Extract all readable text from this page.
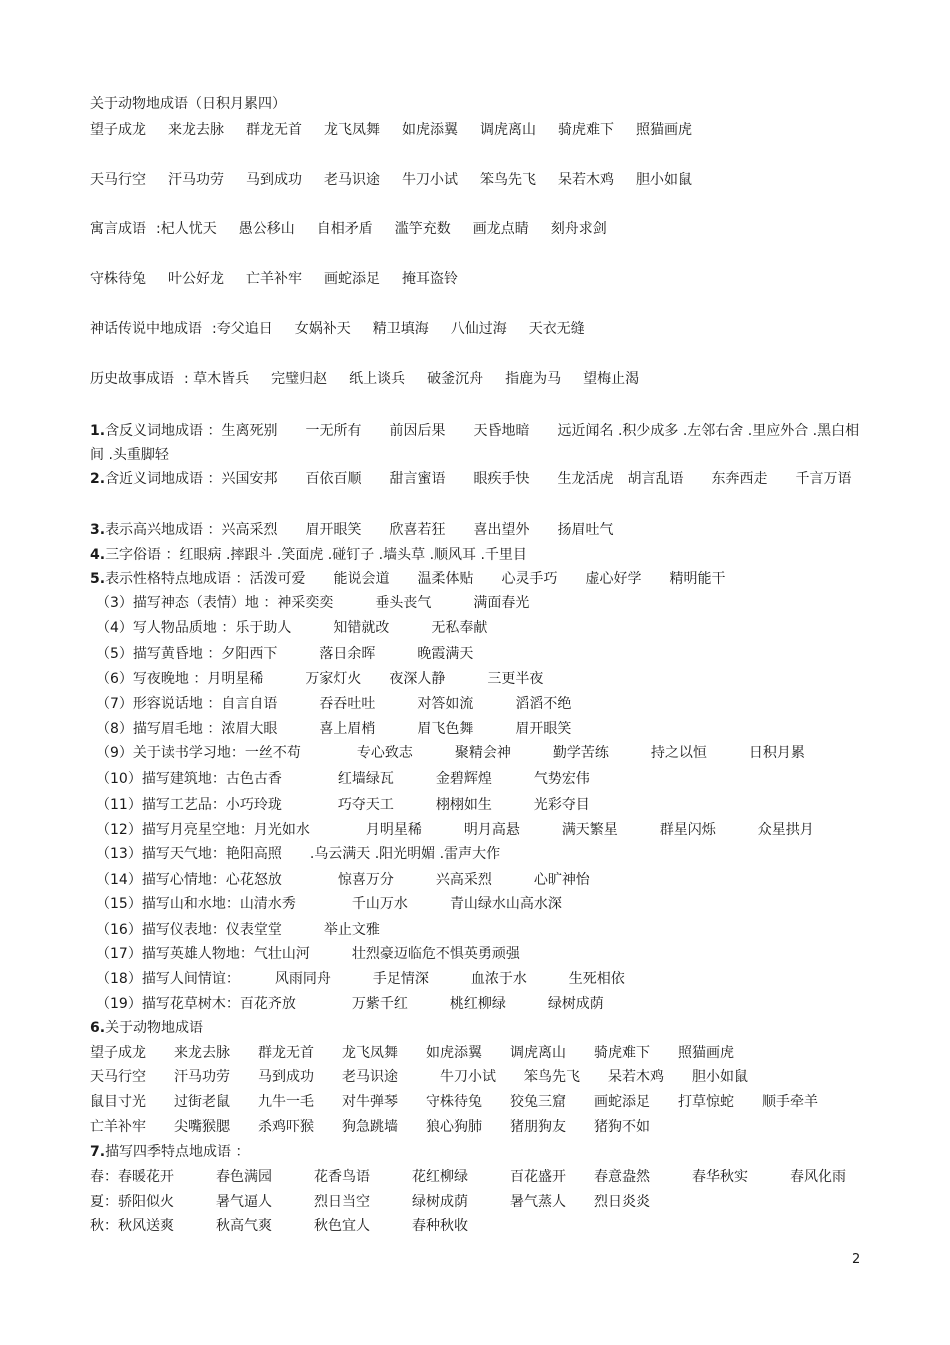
关于动物地成语（日积月累四）
望子成龙 来龙去脉 群龙无首 龙飞凤舞 如虎添翼 调虎离山 骑虎难下 照猫画虎
天马行空 汗马功劳 马到成功 老马识途 牛刀小试 笨鸟先飞 呆若木鸡 胆小如鼠
寓言成语 :杞人忧天 愚公移山 自相矛盾 滥竽充数 画龙点睛 刻舟求剑
守株待兔 叶公好龙 亡羊补牢 画蛇添足 掩耳盗铃
神话传说中地成语 :夸父追日 女娲补天 精卫填海 八仙过海 天衣无缝
历史故事成语 : 草木皆兵 完璧归赵 纸上谈兵 破釜沉舟 指鹿为马 望梅止渴
1.含反义词地成语 ：生离死别　　一无所有　　前因后果　　天昏地暗　　远近闻名 .积少成多 .左邻右舍 .里应外合 .黑白相间 .头重脚轻
2.含近义词地成语 ：兴国安邦　　百依百顺　　甜言蜜语　　眼疾手快　　生龙活虎　胡言乱语　　东奔西走　　千言万语
3.表示高兴地成语 ：兴高采烈　　眉开眼笑　　欣喜若狂　　喜出望外　　扬眉吐气
4.三字俗语 ：红眼病 .摔跟斗 .笑面虎 .碰钉子 .墙头草 .顺风耳 .千里目
5.表示性格特点地成语 ：活泼可爱　　能说会道　　温柔体贴　　心灵手巧　　虚心好学　　精明能干
（3）描写神态（表情）地 ：神采奕奕　　　垂头丧气　　　满面春光
（4）写人物品质地 ：乐于助人　　　知错就改　　　无私奉献
（5）描写黄昏地 ：夕阳西下　　　落日余晖　　　晚霞满天
（6）写夜晚地 ：月明星稀　　　万家灯火　　夜深人静　　　三更半夜
（7）形容说话地 ：自言自语　　　吞吞吐吐　　　对答如流　　　滔滔不绝
（8）描写眉毛地 ：浓眉大眼　　　喜上眉梢　　　眉飞色舞　　　眉开眼笑
（9）关于读书学习地：一丝不苟　　　　专心致志　　　聚精会神　　　勤学苦练　　　持之以恒　　　日积月累
（10）描写建筑地：古色古香　　　　红墙绿瓦　　　金碧辉煌　　　气势宏伟
（11）描写工艺品：小巧玲珑　　　　巧夺天工　　　栩栩如生　　　光彩夺目
（12）描写月亮星空地：月光如水　　　　月明星稀　　　明月高悬　　　满天繁星　　　群星闪烁　　　众星拱月
（13）描写天气地：艳阳高照　　.乌云满天 .阳光明媚 .雷声大作
（14）描写心情地：心花怒放　　　　惊喜万分　　　兴高采烈　　　心旷神怡
（15）描写山和水地：山清水秀　　　　千山万水　　　青山绿水山高水深
（16）描写仪表地：仪表堂堂　　　举止文雅
（17）描写英雄人物地：气壮山河　　　壮烈豪迈临危不惧英勇顽强
（18）描写人间情谊：　　　风雨同舟　　　手足情深　　　血浓于水　　　生死相依
（19）描写花草树木：百花齐放　　　　万紫千红　　　桃红柳绿　　　绿树成荫
6.关于动物地成语
望子成龙　　来龙去脉　　群龙无首　　龙飞凤舞　　如虎添翼　　调虎离山　　骑虎难下　　照猫画虎
天马行空　　汗马功劳　　马到成功　　老马识途　　　牛刀小试　　笨鸟先飞　　呆若木鸡　　胆小如鼠
鼠目寸光　　过街老鼠　　九牛一毛　　对牛弹琴　　守株待兔　　狡兔三窟　　画蛇添足　　打草惊蛇　　顺手牵羊
亡羊补牢　　尖嘴猴腮　　杀鸡吓猴　　狗急跳墙　　狼心狗肺　　猪朋狗友　　猪狗不如
7.描写四季特点地成语 ：
春：春暖花开　　　春色满园　　　花香鸟语　　　花红柳绿　　　百花盛开　　春意盎然　　　春华秋实　　　春风化雨
夏：骄阳似火　　　暑气逼人　　　烈日当空　　　绿树成荫　　　暑气蒸人　　烈日炎炎
秋：秋风送爽　　　秋高气爽　　　秋色宜人　　　春种秋收
2
